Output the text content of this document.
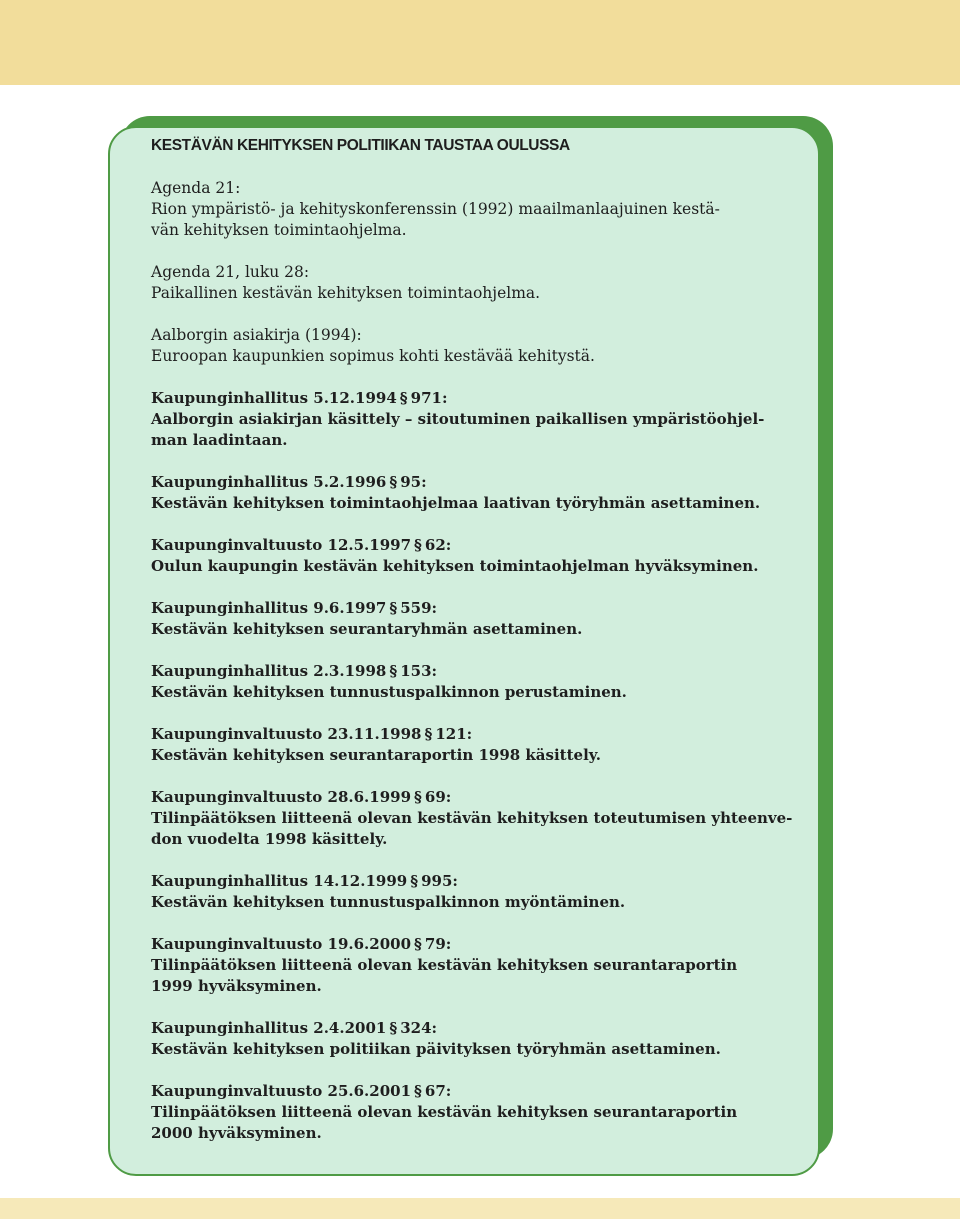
KESTÄVÄN KEHITYKSEN POLITIIKAN TAUSTAA OULUSSA

Agenda 21:

Rion ympäristö- ja kehityskonferenssin (1992) maailmanlaajuinen kestä-

vän kehityksen toimintaohjelma.

Agenda 21, luku 28:

Paikallinen kestävän kehityksen toimintaohjelma.

Aalborgin asiakirja (1994):

Euroopan kaupunkien sopimus kohti kestävää kehitystä.

Kaupunginhallitus 5.12.1994 § 971:

Aalborgin asiakirjan käsittely – sitoutuminen paikallisen ympäristöohjel-

man laadintaan.

Kaupunginhallitus 5.2.1996 § 95:

Kestävän kehityksen toimintaohjelmaa laativan työryhmän asettaminen.

Kaupunginvaltuusto 12.5.1997 § 62:

Oulun kaupungin kestävän kehityksen toimintaohjelman hyväksyminen.

Kaupunginhallitus 9.6.1997 § 559:

Kestävän kehityksen seurantaryhmän asettaminen.

Kaupunginhallitus 2.3.1998 § 153:

Kestävän kehityksen tunnustuspalkinnon perustaminen.

Kaupunginvaltuusto 23.11.1998 § 121:

Kestävän kehityksen seurantaraportin 1998 käsittely.

Kaupunginvaltuusto 28.6.1999 § 69:

Tilinpäätöksen liitteenä olevan kestävän kehityksen toteutumisen yhteenve-

don vuodelta 1998 käsittely.

Kaupunginhallitus 14.12.1999 § 995:

Kestävän kehityksen tunnustuspalkinnon myöntäminen.

Kaupunginvaltuusto 19.6.2000 § 79:

Tilinpäätöksen liitteenä olevan kestävän kehityksen seurantaraportin

1999 hyväksyminen.

Kaupunginhallitus 2.4.2001 § 324:

Kestävän kehityksen politiikan päivityksen työryhmän asettaminen.

Kaupunginvaltuusto 25.6.2001 § 67:

Tilinpäätöksen liitteenä olevan kestävän kehityksen seurantaraportin

2000 hyväksyminen.
